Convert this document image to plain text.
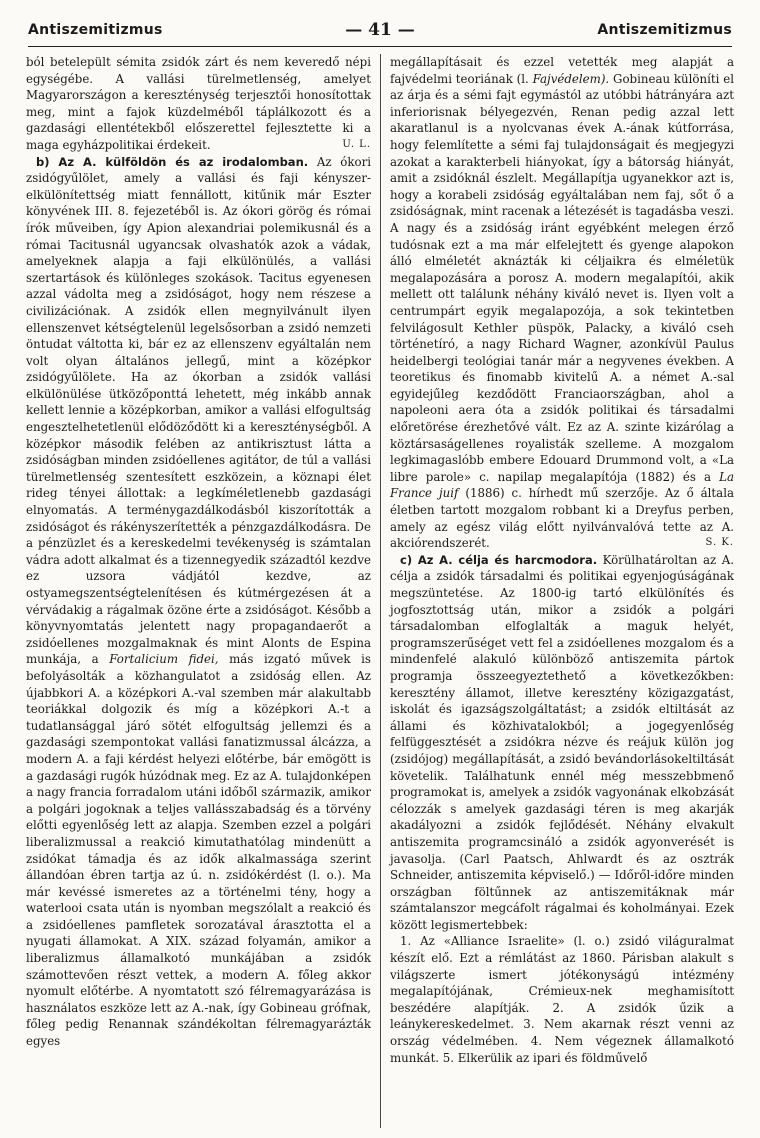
Antiszemitizmus	— 41 —	Antiszemitizmus

ból betelepült sémita zsidók zárt és nem keveredő népi egységébe. A vallási türelmetlenség, amelyet Magyarországon a kereszténység terjesztői honosítottak meg, mint a fajok küzdelméből táplálkozott és a gazdasági ellentétekből előszerettel fejlesztette ki a maga egyházpolitikai érdekeit.	U. L.

b) Az A. külföldön és az irodalomban. Az ókori zsidógyűlölet, amely a vallási és faji kényszer-elkülönítettség miatt fennállott, kitűnik már Eszter könyvének III. 8. fejezetéből is. Az ókori görög és római írók műveiben, így Apion alexandriai polemikusnál és a római Tacitusnál ugyancsak olvashatók azok a vádak, amelyeknek alapja a faji elkülönülés, a vallási szertartások és különleges szokások. Tacitus egyenesen azzal vádolta meg a zsidóságot, hogy nem részese a civilizációnak. A zsidók ellen megnyilvánult ilyen ellenszenvet kétségtelenül legelsősorban a zsidó nemzeti öntudat váltotta ki, bár ez az ellenszenv egyáltalán nem volt olyan általános jellegű, mint a középkor zsidógyűlölete. Ha az ókorban a zsidók vallási elkülönülése ütközőponttá lehetett, még inkább annak kellett lennie a középkorban, amikor a vallási elfogultság engesztelhetetlenül elődöződött ki a kereszténységből. A középkor második felében az antikrisztust látta a zsidóságban minden zsidóellenes agitátor, de túl a vallási türelmetlenség szentesített eszközein, a köznapi élet rideg tényei állottak: a legkíméletlenebb gazdasági elnyomatás. A terménygazdálkodásból kiszorították a zsidóságot és rákényszerítették a pénzgazdálkodásra. De a pénzüzlet és a kereskedelmi tevékenység is számtalan vádra adott alkalmat és a tizennegyedik századtól kezdve ez uzsora vádjától kezdve, az ostyamegszentségtelenítésen és kútmérgezésen át a vérvádakig a rágalmak özöne érte a zsidóságot. Később a könyvnyomtatás jelentett nagy propagandaerőt a zsidóellenes mozgalmaknak és mint Alonts de Espina munkája, a Fortalicium fidei, más izgató művek is befolyásolták a közhangulatot a zsidóság ellen. Az újabbkori A. a középkori A.-val szemben már alakultabb teoriákkal dolgozik és míg a középkori A.-t a tudatlansággal járó sötét elfogultság jellemzi és a gazdasági szempontokat vallási fanatizmussal álcázza, a modern A. a faji kérdést helyezi előtérbe, bár emögött is a gazdasági rugók húzódnak meg. Ez az A. tulajdonképen a nagy francia forradalom utáni időből származik, amikor a polgári jogoknak a teljes vallásszabadság és a törvény előtti egyenlőség lett az alapja. Szemben ezzel a polgári liberalizmussal a reakció kimutathatólag mindenütt a zsidókat támadja és az idők alkalmassága szerint állandóan ébren tartja az ú. n. zsidókérdést (l. o.). Ma már kevéssé ismeretes az a történelmi tény, hogy a waterlooi csata után is nyomban megszólalt a reakció és a zsidóellenes pamfletek sorozatával árasztotta el a nyugati államokat. A XIX. század folyamán, amikor a liberalizmus államalkotó munkájában a zsidók számottevően részt vettek, a modern A. főleg akkor nyomult előtérbe. A nyomtatott szó félremagyarázása is használatos eszköze lett az A.-nak, így Gobineau grófnak, főleg pedig Renannak szándékoltan félremagyarázták egyes

megállapításait és ezzel vetették meg alapját a fajvédelmi teoriának (l. Fajvédelem). Gobineau különíti el az árja és a sémi fajt egymástól az utóbbi hátrányára azt inferiorisnak bélyegezvén, Renan pedig azzal lett akaratlanul is a nyolcvanas évek A.-ának kútforrása, hogy felemlítette a sémi faj tulajdonságait és megjegyzi azokat a karakterbeli hiányokat, így a bátorság hiányát, amit a zsidóknál észlelt. Megállapítja ugyanekkor azt is, hogy a korabeli zsidóság egyáltalában nem faj, sőt ő a zsidóságnak, mint racenak a létezését is tagadásba veszi. A nagy és a zsidóság iránt egyébként melegen érző tudósnak ezt a ma már elfelejtett és gyenge alapokon álló elméletét aknázták ki céljaikra és elméletük megalapozására a porosz A. modern megalapítói, akik mellett ott találunk néhány kiváló nevet is. Ilyen volt a centrumpárt egyik megalapozója, a sok tekintetben felvilágosult Kethler püspök, Palacky, a kiváló cseh történetíró, a nagy Richard Wagner, azonkívül Paulus heidelbergi teológiai tanár már a negyvenes években. A teoretikus és finomabb kivitelű A. a német A.-sal egyidejűleg kezdődött Franciaországban, ahol a napoleoni aera óta a zsidók politikai és társadalmi előretörése érezhetővé vált. Ez az A. szinte kizárólag a köztársaságellenes royalisták szelleme. A mozgalom legkimagaslóbb embere Edouard Drummond volt, a «La libre parole» c. napilap megalapítója (1882) és a La France juif (1886) c. hírhedt mű szerzője. Az ő általa életben tartott mozgalom robbant ki a Dreyfus perben, amely az egész világ előtt nyilvánvalóvá tette az A. akciórendszerét.	S. K.

c) Az A. célja és harcmodora. Körülhatároltan az A. célja a zsidók társadalmi és politikai egyenjogúságának megszüntetése. Az 1800-ig tartó elkülönítés és jogfosztottság után, mikor a zsidók a polgári társadalomban elfoglalták a maguk helyét, programszerűséget vett fel a zsidóellenes mozgalom és a mindenfelé alakuló különböző antiszemita pártok programja összeegyeztethető a következőkben: keresztény államot, illetve keresztény közigazgatást, iskolát és igazságszolgáltatást; a zsidók eltiltását az állami és közhivatalokból; a jogegyenlőség felfüggesztését a zsidókra nézve és reájuk külön jog (zsidójog) megállapítását, a zsidó bevándorlásokeltiltását követelik. Találhatunk ennél még messzebbmenő programokat is, amelyek a zsidók vagyonának elkobzását célozzák s amelyek gazdasági téren is meg akarják akadályozni a zsidók fejlődését. Néhány elvakult antiszemita programcsináló a zsidók agyonverését is javasolja. (Carl Paatsch, Ahlwardt és az osztrák Schneider, antiszemita képviselő.) — Időről-időre minden országban föltűnnek az antiszemitáknak már számtalanszor megcáfolt rágalmai és koholmányai. Ezek között legismertebbek:

1. Az «Alliance Israelite» (l. o.) zsidó világuralmat készít elő. Ezt a rémlátást az 1860. Párisban alakult s világszerte ismert jótékonyságú intézmény megalapítójának, Crémieux-nek meghamisított beszédére alapítják. 2. A zsidók űzik a leánykereskedelmet. 3. Nem akarnak részt venni az ország védelmében. 4. Nem végeznek államalkotó munkát. 5. Elkerülik az ipari és földművelő
